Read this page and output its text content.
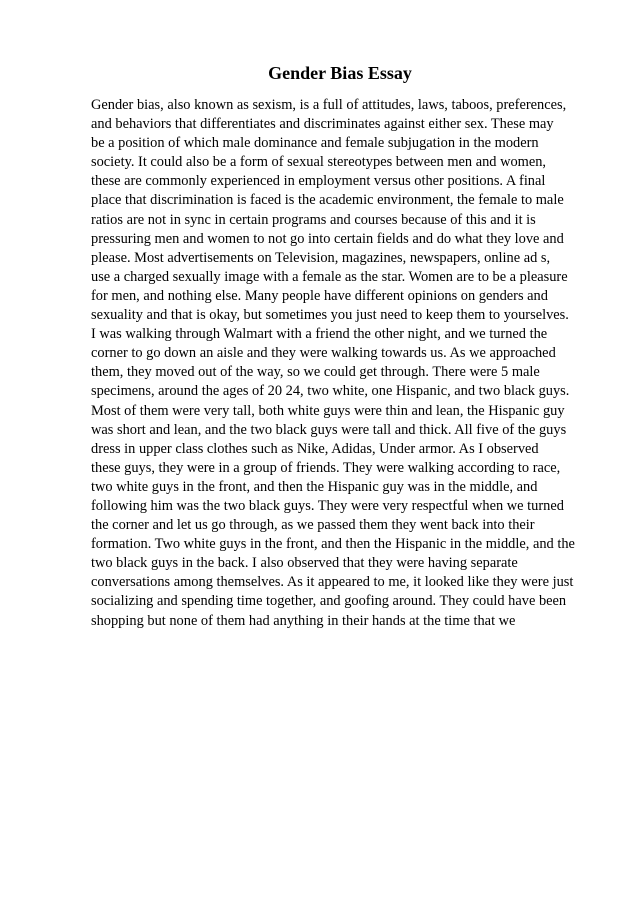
Gender Bias Essay
Gender bias, also known as sexism, is a full of attitudes, laws, taboos, preferences,
and behaviors that differentiates and discriminates against either sex. These may
be a position of which male dominance and female subjugation in the modern
society. It could also be a form of sexual stereotypes between men and women,
these are commonly experienced in employment versus other positions. A final
place that discrimination is faced is the academic environment, the female to male
ratios are not in sync in certain programs and courses because of this and it is
pressuring men and women to not go into certain fields and do what they love and
please. Most advertisements on Television, magazines, newspapers, online ad s,
use a charged sexually image with a female as the star. Women are to be a pleasure
for men, and nothing else. Many people have different opinions on genders and
sexuality and that is okay, but sometimes you just need to keep them to yourselves.
I was walking through Walmart with a friend the other night, and we turned the
corner to go down an aisle and they were walking towards us. As we approached
them, they moved out of the way, so we could get through. There were 5 male
specimens, around the ages of 20 24, two white, one Hispanic, and two black guys.
Most of them were very tall, both white guys were thin and lean, the Hispanic guy
was short and lean, and the two black guys were tall and thick. All five of the guys
dress in upper class clothes such as Nike, Adidas, Under armor. As I observed
these guys, they were in a group of friends. They were walking according to race,
two white guys in the front, and then the Hispanic guy was in the middle, and
following him was the two black guys. They were very respectful when we turned
the corner and let us go through, as we passed them they went back into their
formation. Two white guys in the front, and then the Hispanic in the middle, and the
two black guys in the back. I also observed that they were having separate
conversations among themselves. As it appeared to me, it looked like they were just
socializing and spending time together, and goofing around. They could have been
shopping but none of them had anything in their hands at the time that we
